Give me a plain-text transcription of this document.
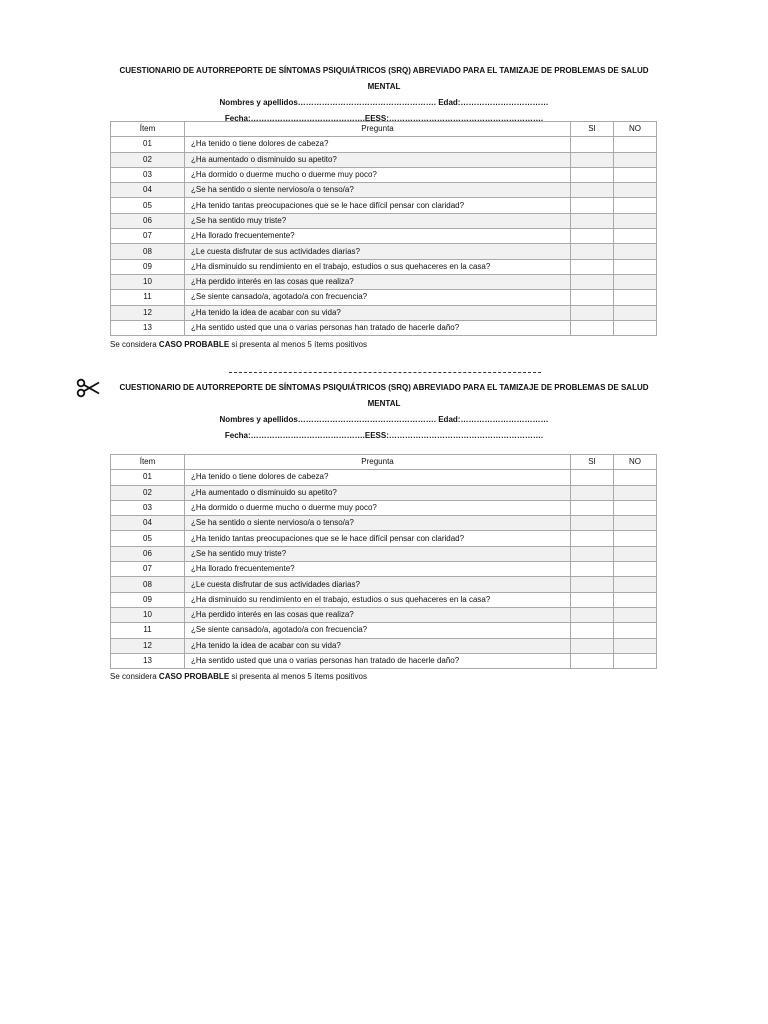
CUESTIONARIO DE AUTORREPORTE DE SÍNTOMAS PSIQUIÁTRICOS (SRQ) ABREVIADO PARA EL TAMIZAJE DE PROBLEMAS DE SALUD
MENTAL
Nombres y apellidos……………………………………………. Edad:……………………………
Fecha:…………………………………….EESS:………………………………………………….
Ítem	Pregunta	SI	NO
01	¿Ha tenido o tiene dolores de cabeza?		
02	¿Ha aumentado o disminuido su apetito?		
03	¿Ha dormido o duerme mucho o duerme muy poco?		
04	¿Se ha sentido o siente nervioso/a o tenso/a?		
05	¿Ha tenido tantas preocupaciones que se le hace difícil pensar con claridad?		
06	¿Se ha sentido muy triste?		
07	¿Ha llorado frecuentemente?		
08	¿Le cuesta disfrutar de sus actividades diarias?		
09	¿Ha disminuido su rendimiento en el trabajo, estudios o sus quehaceres en la casa?		
10	¿Ha perdido interés en las cosas que realiza?		
11	¿Se siente cansado/a, agotado/a con frecuencia?		
12	¿Ha tenido la idea de acabar con su vida?		
13	¿Ha sentido usted que una o varias personas han tratado de hacerle daño?		
Se considera CASO PROBABLE si presenta al menos 5 ítems positivos
CUESTIONARIO DE AUTORREPORTE DE SÍNTOMAS PSIQUIÁTRICOS (SRQ) ABREVIADO PARA EL TAMIZAJE DE PROBLEMAS DE SALUD
MENTAL
Nombres y apellidos……………………………………………. Edad:……………………………
Fecha:…………………………………….EESS:………………………………………………….
Ítem	Pregunta	SI	NO
01	¿Ha tenido o tiene dolores de cabeza?		
02	¿Ha aumentado o disminuido su apetito?		
03	¿Ha dormido o duerme mucho o duerme muy poco?		
04	¿Se ha sentido o siente nervioso/a o tenso/a?		
05	¿Ha tenido tantas preocupaciones que se le hace difícil pensar con claridad?		
06	¿Se ha sentido muy triste?		
07	¿Ha llorado frecuentemente?		
08	¿Le cuesta disfrutar de sus actividades diarias?		
09	¿Ha disminuido su rendimiento en el trabajo, estudios o sus quehaceres en la casa?		
10	¿Ha perdido interés en las cosas que realiza?		
11	¿Se siente cansado/a, agotado/a con frecuencia?		
12	¿Ha tenido la idea de acabar con su vida?		
13	¿Ha sentido usted que una o varias personas han tratado de hacerle daño?		
Se considera CASO PROBABLE si presenta al menos 5 ítems positivos
